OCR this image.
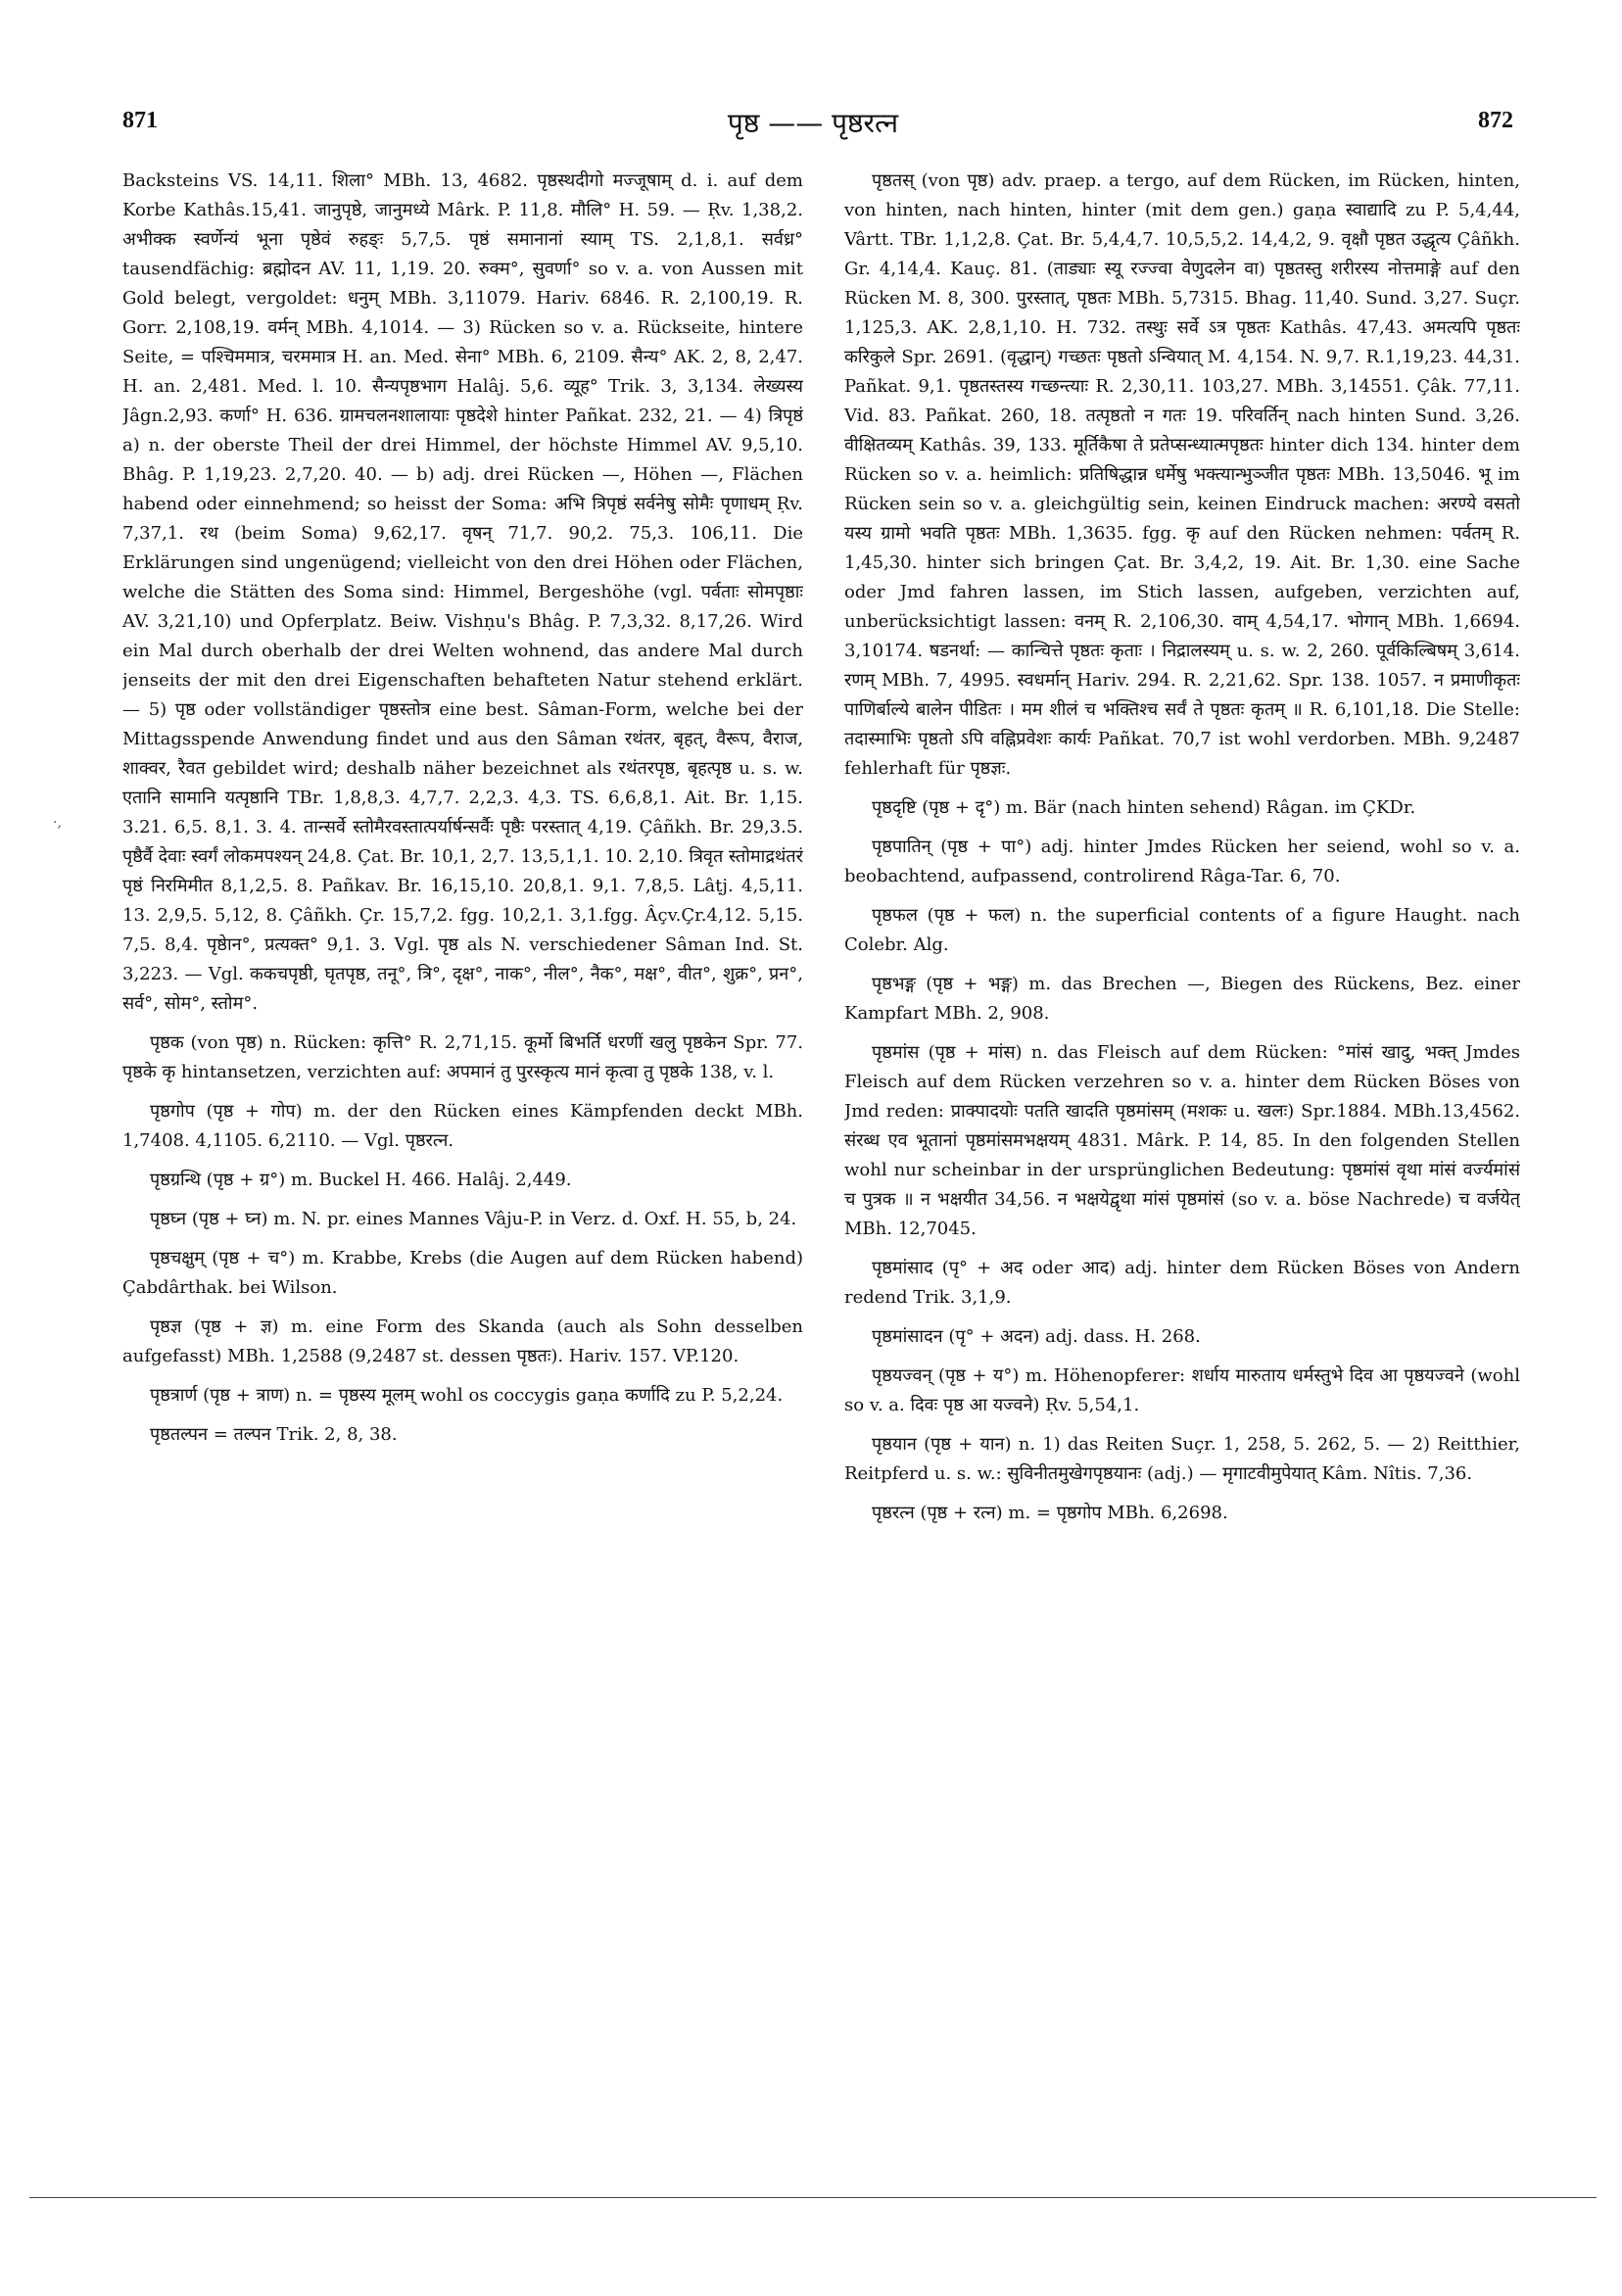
871	पृष्ठ —— पृष्ठरत्न	872
·,

Backsteins VS. 14,11. शिला° MBh. 13, 4682. पृष्ठस्थदीगो मज्जूषाम् d. i. auf dem Korbe Kathâs.15,41. जानुपृष्ठे, जानुमध्ये Mârk. P. 11,8. मौलि° H. 59. — Ṛv. 1,38,2. अभीक्क स्वर्णेन्यं भूना पृष्ठेवं रुहङ्ः 5,7,5. पृष्ठं समानानां स्याम् TS. 2,1,8,1. सर्वध्र° tausendfächig: ब्रह्मोदन AV. 11, 1,19. 20. रुक्म°, सुवर्णा° so v. a. von Aussen mit Gold belegt, vergoldet: धनुम् MBh. 3,11079. Hariv. 6846. R. 2,100,19. R. Gorr. 2,108,19. वर्मन् MBh. 4,1014. — 3) Rücken so v. a. Rückseite, hintere Seite, = पश्चिममात्र, चरममात्र H. an. Med. सेना° MBh. 6, 2109. सैन्य° AK. 2, 8, 2,47. H. an. 2,481. Med. l. 10. सैन्यपृष्ठभाग Halâj. 5,6. व्यूह° Trik. 3, 3,134. लेख्यस्य Jâgn.2,93. कर्णा° H. 636. ग्रामचलनशालायाः पृष्ठदेशे hinter Pañkat. 232, 21. — 4) त्रिपृष्ठं a) n. der oberste Theil der drei Himmel, der höchste Himmel AV. 9,5,10. Bhâg. P. 1,19,23. 2,7,20. 40. — b) adj. drei Rücken —, Höhen —, Flächen habend oder einnehmend; so heisst der Soma: अभि त्रिपृष्ठं सर्वनेषु सोमैः पृणाधम् Ṛv. 7,37,1. रथ (beim Soma) 9,62,17. वृषन् 71,7. 90,2. 75,3. 106,11. Die Erklärungen sind ungenügend; vielleicht von den drei Höhen oder Flächen, welche die Stätten des Soma sind: Himmel, Bergeshöhe (vgl. पर्वताः सोमपृष्ठाः AV. 3,21,10) und Opferplatz. Beiw. Vishṇu's Bhâg. P. 7,3,32. 8,17,26. Wird ein Mal durch oberhalb der drei Welten wohnend, das andere Mal durch jenseits der mit den drei Eigenschaften behafteten Natur stehend erklärt. — 5) पृष्ठ oder vollständiger पृष्ठस्तोत्र eine best. Sâman-Form, welche bei der Mittagsspende Anwendung findet und aus den Sâman रथंतर, बृहत्, वैरूप, वैराज, शाक्वर, रैवत gebildet wird; deshalb näher bezeichnet als रथंतरपृष्ठ, बृहत्पृष्ठ u. s. w. एतानि सामानि यत्पृष्ठानि TBr. 1,8,8,3. 4,7,7. 2,2,3. 4,3. TS. 6,6,8,1. Ait. Br. 1,15. 3.21. 6,5. 8,1. 3. 4. तान्सर्वे स्तोमैरवस्तात्पर्यार्षन्सर्वैः पृष्ठैः परस्तात् 4,19. Çâñkh. Br. 29,3.5. पृष्ठैर्वै देवाः स्वर्गं लोकमपश्यन् 24,8. Çat. Br. 10,1, 2,7. 13,5,1,1. 10. 2,10. त्रिवृत स्तोमाद्रथंतरं पृष्ठं निरमिमीत 8,1,2,5. 8. Pañkav. Br. 16,15,10. 20,8,1. 9,1. 7,8,5. Lâṭj. 4,5,11. 13. 2,9,5. 5,12, 8. Çâñkh. Çr. 15,7,2. fgg. 10,2,1. 3,1.fgg. Âçv.Çr.4,12. 5,15. 7,5. 8,4. पृष्ठेान°, प्रत्यक्त° 9,1. 3. Vgl. पृष्ठ als N. verschiedener Sâman Ind. St. 3,223. — Vgl. ककचपृष्ठी, घृतपृष्ठ, तनू°, त्रि°, दृक्ष°, नाक°, नील°, नैक°, मक्ष°, वीत°, शुक्र°, प्रन°, सर्व°, सोम°, स्तोम°.

पृष्ठक (von पृष्ठ) n. Rücken: कृत्ति° R. 2,71,15. कूर्मो बिभर्ति धरणीं खलु पृष्ठकेन Spr. 77. पृष्ठके कृ hintansetzen, verzichten auf: अपमानं तु पुरस्कृत्य मानं कृत्वा तु पृष्ठके 138, v. l.

पृष्ठगोप (पृष्ठ + गोप) m. der den Rücken eines Kämpfenden deckt MBh. 1,7408. 4,1105. 6,2110. — Vgl. पृष्ठरत्न.

पृष्ठग्रन्थि (पृष्ठ + ग्र°) m. Buckel H. 466. Halâj. 2,449.

पृष्ठघ्न (पृष्ठ + घ्न) m. N. pr. eines Mannes Vâju-P. in Verz. d. Oxf. H. 55, b, 24.

पृष्ठचक्षुम् (पृष्ठ + च°) m. Krabbe, Krebs (die Augen auf dem Rücken habend) Çabdârthak. bei Wilson.

पृष्ठज्ञ (पृष्ठ + ज्ञ) m. eine Form des Skanda (auch als Sohn desselben aufgefasst) MBh. 1,2588 (9,2487 st. dessen पृष्ठतः). Hariv. 157. VP.120.

पृष्ठत्रार्ण (पृष्ठ + त्राण) n. = पृष्ठस्य मूलम् wohl os coccygis gaṇa कर्णादि zu P. 5,2,24.

पृष्ठतल्पन = तल्पन Trik. 2, 8, 38.

पृष्ठतस् (von पृष्ठ) adv. praep. a tergo, auf dem Rücken, im Rücken, hinten, von hinten, nach hinten, hinter (mit dem gen.) gaṇa स्वाद्यादि zu P. 5,4,44, Vârtt. TBr. 1,1,2,8. Çat. Br. 5,4,4,7. 10,5,5,2. 14,4,2, 9. वृक्षौ पृष्ठत उद्धृत्य Çâñkh. Gr. 4,14,4. Kauç. 81. (ताड्याः स्यू रज्ज्वा वेणुदलेन वा) पृष्ठतस्तु शरीरस्य नोत्तमाङ्गे auf den Rücken M. 8, 300. पुरस्तात्, पृष्ठतः MBh. 5,7315. Bhag. 11,40. Sund. 3,27. Suçr. 1,125,3. AK. 2,8,1,10. H. 732. तस्थुः सर्वे ऽत्र पृष्ठतः Kathâs. 47,43. अमत्यपि पृष्ठतः करिकुले Spr. 2691. (वृद्धान्) गच्छतः पृष्ठतो ऽन्वियात् M. 4,154. N. 9,7. R.1,19,23. 44,31. Pañkat. 9,1. पृष्ठतस्तस्य गच्छन्त्याः R. 2,30,11. 103,27. MBh. 3,14551. Çâk. 77,11. Vid. 83. Pañkat. 260, 18. तत्पृष्ठतो न गतः 19. परिवर्तिन् nach hinten Sund. 3,26. वीक्षितव्यम् Kathâs. 39, 133. मूर्तिकैषा ते प्रतेप्सन्ध्यात्मपृष्ठतः hinter dich 134. hinter dem Rücken so v. a. heimlich: प्रतिषिद्धान्न धर्मेषु भक्त्यान्भुञ्जीत पृष्ठतः MBh. 13,5046. भू im Rücken sein so v. a. gleichgültig sein, keinen Eindruck machen: अरण्ये वसतो यस्य ग्रामो भवति पृष्ठतः MBh. 1,3635. fgg. कृ auf den Rücken nehmen: पर्वतम् R. 1,45,30. hinter sich bringen Çat. Br. 3,4,2, 19. Ait. Br. 1,30. eine Sache oder Jmd fahren lassen, im Stich lassen, aufgeben, verzichten auf, unberücksichtigt lassen: वनम् R. 2,106,30. वाम् 4,54,17. भोगान् MBh. 1,6694. 3,10174. षडनर्था: — कान्चित्ते पृष्ठतः कृताः । निद्रालस्यम् u. s. w. 2, 260. पूर्वकिल्बिषम् 3,614. रणम् MBh. 7, 4995. स्वधर्मान् Hariv. 294. R. 2,21,62. Spr. 138. 1057. न प्रमाणीकृतः पाणिर्बाल्ये बालेन पीडितः । मम शीलं च भक्तिश्च सर्वं ते पृष्ठतः कृतम् ॥ R. 6,101,18. Die Stelle: तदास्माभिः पृष्ठतो ऽपि वह्निप्रवेशः कार्यः Pañkat. 70,7 ist wohl verdorben. MBh. 9,2487 fehlerhaft für पृष्ठज्ञः.

पृष्ठदृष्टि (पृष्ठ + दृ°) m. Bär (nach hinten sehend) Râgan. im ÇKDr.

पृष्ठपातिन् (पृष्ठ + पा°) adj. hinter Jmdes Rücken her seiend, wohl so v. a. beobachtend, aufpassend, controlirend Râga-Tar. 6, 70.

पृष्ठफल (पृष्ठ + फल) n. the superficial contents of a figure Haught. nach Colebr. Alg.

पृष्ठभङ्ग (पृष्ठ + भङ्ग) m. das Brechen —, Biegen des Rückens, Bez. einer Kampfart MBh. 2, 908.

पृष्ठमांस (पृष्ठ + मांस) n. das Fleisch auf dem Rücken: °मांसं खादु, भक्त् Jmdes Fleisch auf dem Rücken verzehren so v. a. hinter dem Rücken Böses von Jmd reden: प्राक्पादयोः पतति खादति पृष्ठमांसम् (मशकः u. खलः) Spr.1884. MBh.13,4562. संरब्ध एव भूतानां पृष्ठमांसमभक्षयम् 4831. Mârk. P. 14, 85. In den folgenden Stellen wohl nur scheinbar in der ursprünglichen Bedeutung: पृष्ठमांसं वृथा मांसं वर्ज्यमांसं च पुत्रक ॥ न भक्षयीत 34,56. न भक्षयेद्वृथा मांसं पृष्ठमांसं (so v. a. böse Nachrede) च वर्जयेत् MBh. 12,7045.

पृष्ठमांसाद (पृ° + अद oder आद) adj. hinter dem Rücken Böses von Andern redend Trik. 3,1,9.

पृष्ठमांसादन (पृ° + अदन) adj. dass. H. 268.

पृष्ठयज्वन् (पृष्ठ + य°) m. Höhenopferer: शर्धाय मारुताय धर्मस्तुभे दिव आ पृष्ठयज्वने (wohl so v. a. दिवः पृष्ठ आ यज्वने) Ṛv. 5,54,1.

पृष्ठयान (पृष्ठ + यान) n. 1) das Reiten Suçr. 1, 258, 5. 262, 5. — 2) Reitthier, Reitpferd u. s. w.: सुविनीतमुखेगपृष्ठयानः (adj.) — मृगाटवीमुपेयात् Kâm. Nîtis. 7,36.

पृष्ठरत्न (पृष्ठ + रत्न) m. = पृष्ठगोप MBh. 6,2698.
